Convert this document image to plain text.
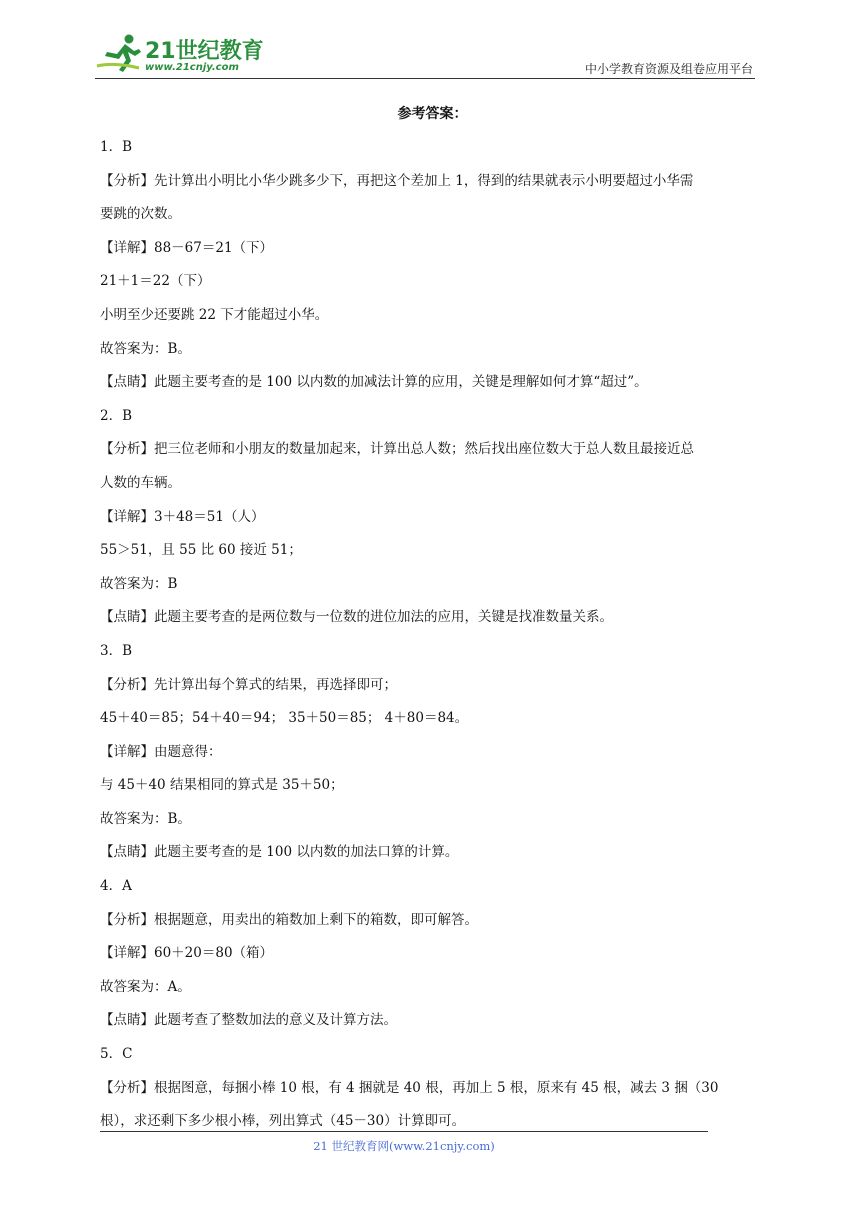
21世纪教育
www.21cnjy.com	中小学教育资源及组卷应用平台
参考答案：
1．B
【分析】先计算出小明比小华少跳多少下，再把这个差加上 1，得到的结果就表示小明要超过小华需
要跳的次数。
【详解】88－67＝21（下）
21＋1＝22（下）
小明至少还要跳 22 下才能超过小华。
故答案为：B。
【点睛】此题主要考查的是 100 以内数的加减法计算的应用，关键是理解如何才算“超过”。
2．B
【分析】把三位老师和小朋友的数量加起来，计算出总人数；然后找出座位数大于总人数且最接近总
人数的车辆。
【详解】3＋48＝51（人）
55＞51，且 55 比 60 接近 51；
故答案为：B
【点睛】此题主要考查的是两位数与一位数的进位加法的应用，关键是找准数量关系。
3．B
【分析】先计算出每个算式的结果，再选择即可；
45＋40＝85；54＋40＝94； 35＋50＝85； 4＋80＝84。
【详解】由题意得：
与 45＋40 结果相同的算式是 35＋50；
故答案为：B。
【点睛】此题主要考查的是 100 以内数的加法口算的计算。
4．A
【分析】根据题意，用卖出的箱数加上剩下的箱数，即可解答。
【详解】60＋20＝80（箱）
故答案为：A。
【点睛】此题考查了整数加法的意义及计算方法。
5．C
【分析】根据图意，每捆小棒 10 根，有 4 捆就是 40 根，再加上 5 根，原来有 45 根，减去 3 捆（30
根），求还剩下多少根小棒，列出算式（45－30）计算即可。
21 世纪教育网(www.21cnjy.com)
